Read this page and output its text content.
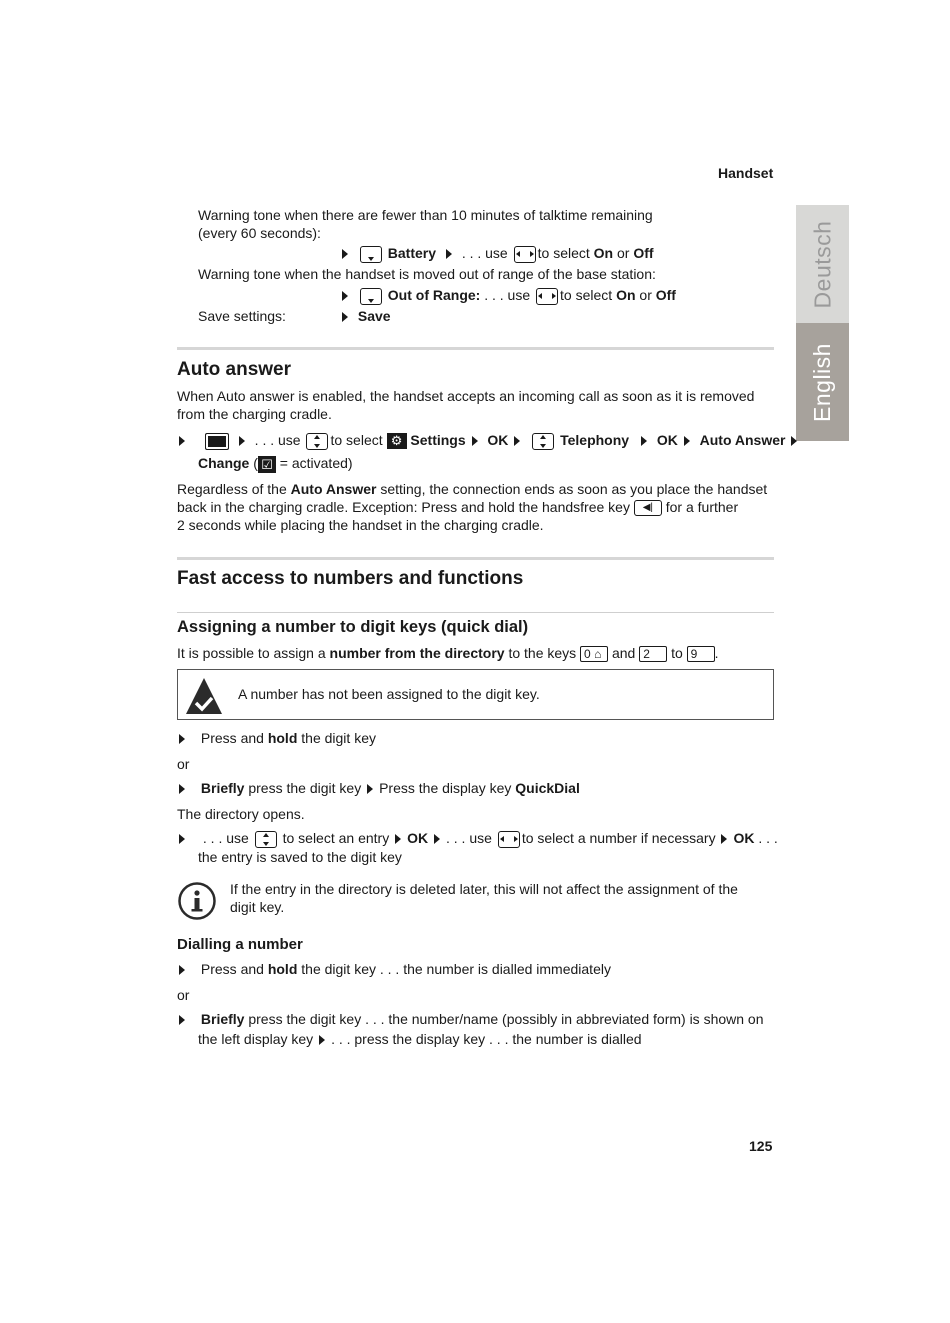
Handset
Deutsch
English
Warning tone when there are fewer than 10 minutes of talktime remaining
(every 60 seconds):
Battery . . . use to select On or Off
Warning tone when the handset is moved out of range of the base station:
Out of Range: . . . use to select On or Off
Save settings:	Save
Auto answer
When Auto answer is enabled, the handset accepts an incoming call as soon as it is removed
from the charging cradle.
. . . use to select ⚙ Settings OK	Telephony OK Auto Answer
Change ( ☑ = activated)
Regardless of the Auto Answer setting, the connection ends as soon as you place the handset
back in the charging cradle. Exception: Press and hold the handsfree key ◀| for a further
2 seconds while placing the handset in the charging cradle.
Fast access to numbers and functions
Assigning a number to digit keys (quick dial)
It is possible to assign a number from the directory to the keys 0 ⌂ and 2 to 9 .
A number has not been assigned to the digit key.
Press and hold the digit key
or
Briefly press the digit key Press the display key QuickDial
The directory opens.
. . . use to select an entry OK . . . use to select a number if necessary OK . . .
the entry is saved to the digit key
If the entry in the directory is deleted later, this will not affect the assignment of the
digit key.
Dialling a number
Press and hold the digit key . . . the number is dialled immediately
or
Briefly press the digit key . . . the number/name (possibly in abbreviated form) is shown on
the left display key . . . press the display key . . . the number is dialled
125
